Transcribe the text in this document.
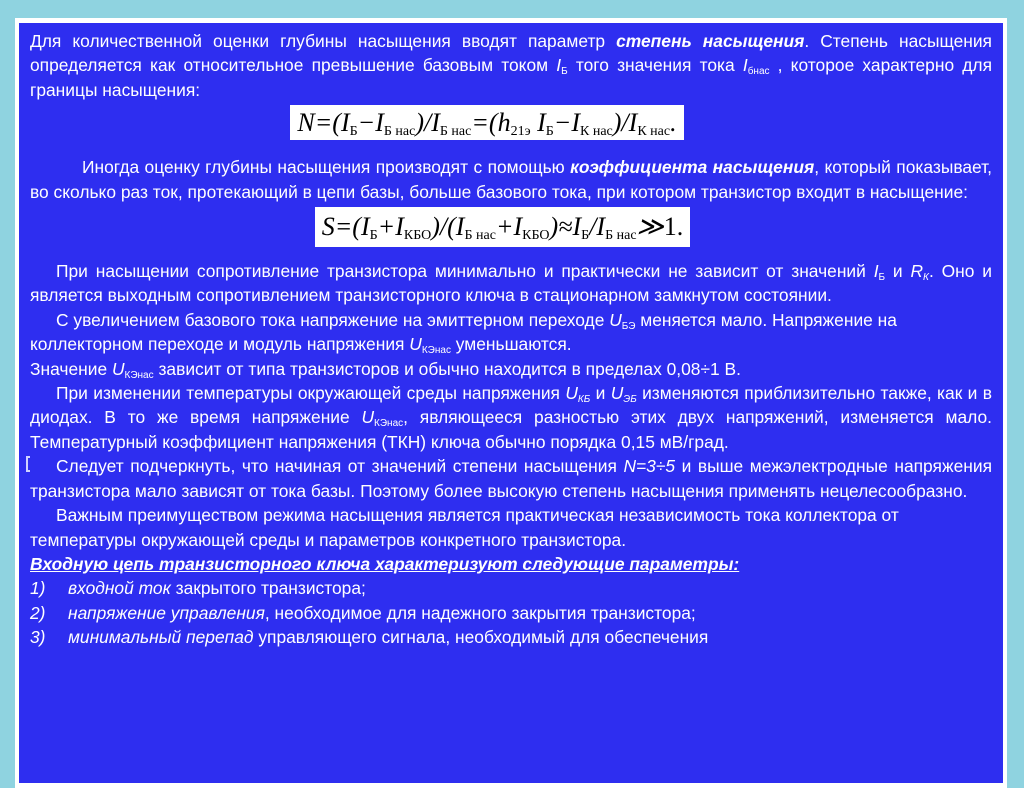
Для количественной оценки глубины насыщения вводят параметр степень насыщения. Степень насыщения определяется как относительное превышение базовым током $I_Б$ того значения тока $I_{бнас}$ , которое характерно для границы насыщения:

$N=(I_Б-I_{Б нас})/I_{Б нас}=(h_{21э}$ $I_Б-I_{К нас})/I_{К нас}$.

Иногда оценку глубины насыщения производят с помощью коэффициента насыщения, который показывает, во сколько раз ток, протекающий в цепи базы, больше базового тока, при котором транзистор входит в насыщение:

$S=(I_Б+I_{КБО})/(I_{Б нас}+I_{КБО})\approx I_Б/I_{Б нас}≫1$.

При насыщении сопротивление транзистора минимально и практически не зависит от значений $I_Б$ и $R_К$. Оно и является выходным сопротивлением транзисторного ключа в стационарном замкнутом состоянии.

С увеличением базового тока напряжение на эмиттерном переходе $U_{БЭ}$ меняется мало. Напряжение на коллекторном переходе и модуль напряжения $U_{КЭнас}$ уменьшаются.

Значение $U_{КЭнас}$ зависит от типа транзисторов и обычно находится в пределах 0,08÷1 В.

При изменении температуры окружающей среды напряжения $U_{КБ}$ и $U_{ЭБ}$ изменяются приблизительно также, как и в диодах. В то же время напряжение $U_{КЭнас}$, являющееся разностью этих двух напряжений, изменяется мало. Температурный коэффициент напряжения (ТКН) ключа обычно порядка 0,15 мВ/град.

Следует подчеркнуть, что начиная от значений степени насыщения N=3÷5 и выше межэлектродные напряжения транзистора мало зависят от тока базы. Поэтому более высокую степень насыщения применять нецелесообразно.

Важным преимуществом режима насыщения является практическая независимость тока коллектора от температуры окружающей среды и параметров конкретного транзистора.

Входную цепь транзисторного ключа характеризуют следующие параметры:

1)	входной ток закрытого транзистора;
2)	напряжение управления, необходимое для надежного закрытия транзистора;
3)	минимальный перепад управляющего сигнала, необходимый для обеспечения
